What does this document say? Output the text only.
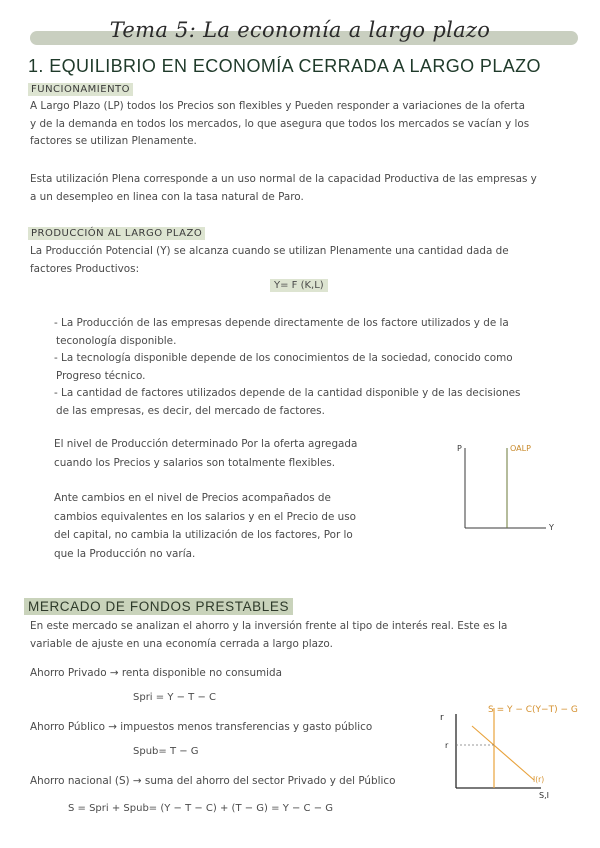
Tema 5: La economía a largo plazo
1. EQUILIBRIO EN ECONOMÍA CERRADA A LARGO PLAZO
FUNCIONAMIENTO
A Largo Plazo (LP) todos los Precios son flexibles y Pueden responder a variaciones de la oferta
y de la demanda en todos los mercados, lo que asegura que todos los mercados se vacían y los
factores se utilizan Plenamente.
Esta utilización Plena corresponde a un uso normal de la capacidad Productiva de las empresas y
a un desempleo en linea con la tasa natural de Paro.
PRODUCCIÓN AL LARGO PLAZO
La Producción Potencial (Y) se alcanza cuando se utilizan Plenamente una cantidad dada de
factores Productivos:
Y= F (K,L)
- La Producción de las empresas depende directamente de los factore utilizados y de la
teconología disponible.
- La tecnología disponible depende de los conocimientos de la sociedad, conocido como
Progreso técnico.
- La cantidad de factores utilizados depende de la cantidad disponible y de las decisiones
de las empresas, es decir, del mercado de factores.
El nivel de Producción determinado Por la oferta agregada
cuando los Precios y salarios son totalmente flexibles.
Ante cambios en el nivel de Precios acompañados de
cambios equivalentes en los salarios y en el Precio de uso
del capital, no cambia la utilización de los factores, Por lo
que la Producción no varía.
P	OALP
Y
MERCADO DE FONDOS PRESTABLES
En este mercado se analizan el ahorro y la inversión frente al tipo de interés real. Este es la
variable de ajuste en una economía cerrada a largo plazo.
Ahorro Privado → renta disponible no consumida
Spri = Y − T − C
Ahorro Público → impuestos menos transferencias y gasto público
Spub= T − G
Ahorro nacional (S) → suma del ahorro del sector Privado y del Público
S = Spri + Spub= (Y − T − C) + (T − G) = Y − C − G
r
r
S = Y − C(Y−T) − G
I(r)
S,I
